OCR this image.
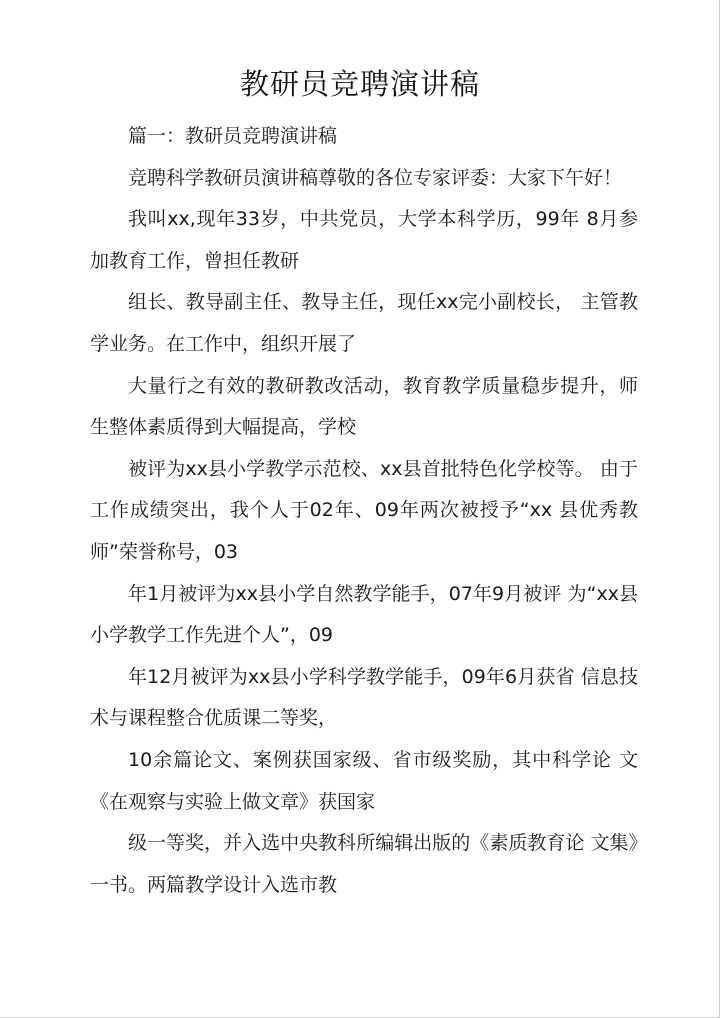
教研员竞聘演讲稿

篇一：教研员竞聘演讲稿

竞聘科学教研员演讲稿尊敬的各位专家评委：大家下午好！

我叫xx,现年33岁，中共党员，大学本科学历，99年 8月参加教育工作，曾担任教研

组长、教导副主任、教导主任，现任xx完小副校长， 主管教学业务。在工作中，组织开展了

大量行之有效的教研教改活动，教育教学质量稳步提升，师生整体素质得到大幅提高，学校

被评为xx县小学教学示范校、xx县首批特色化学校等。 由于工作成绩突出，我个人于02年、09年两次被授予“xx 县优秀教师”荣誉称号，03

年1月被评为xx县小学自然教学能手，07年9月被评 为“xx县小学教学工作先进个人”，09

年12月被评为xx县小学科学教学能手，09年6月获省 信息技术与课程整合优质课二等奖，

10余篇论文、案例获国家级、省市级奖励，其中科学论 文《在观察与实验上做文章》获国家

级一等奖，并入选中央教科所编辑出版的《素质教育论 文集》一书。两篇教学设计入选市教
